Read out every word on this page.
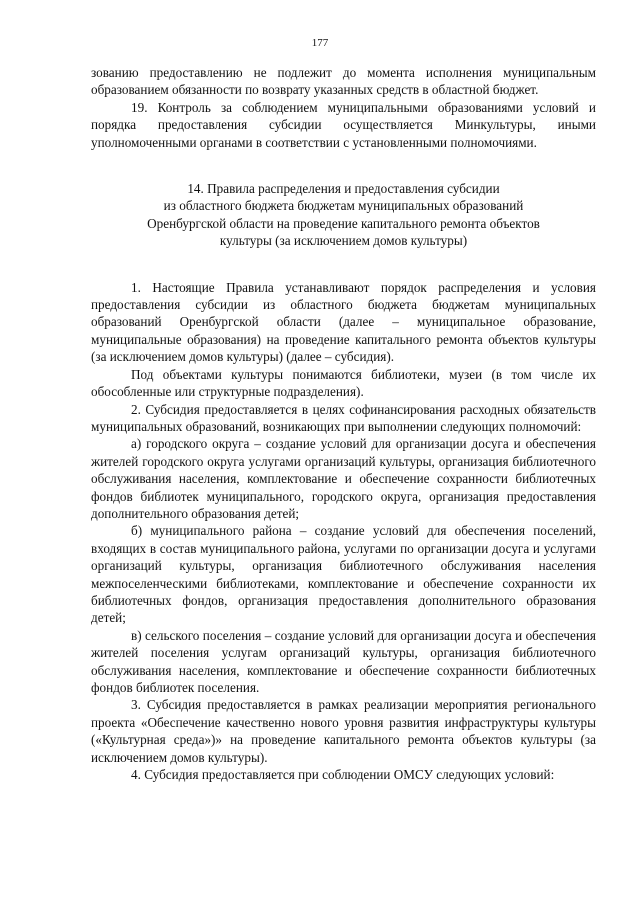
177

зованию предоставлению не подлежит до момента исполнения муниципальным образованием обязанности по возврату указанных средств в областной бюджет.

19. Контроль за соблюдением муниципальными образованиями условий и порядка предоставления субсидии осуществляется Минкультуры, иными уполномоченными органами в соответствии с установленными полномочиями.

14. Правила распределения и предоставления субсидии
из областного бюджета бюджетам муниципальных образований
Оренбургской области на проведение капитального ремонта объектов
культуры (за исключением домов культуры)

1. Настоящие Правила устанавливают порядок распределения и условия предоставления субсидии из областного бюджета бюджетам муниципальных образований Оренбургской области (далее – муниципальное образование, муниципальные образования) на проведение капитального ремонта объектов культуры (за исключением домов культуры) (далее – субсидия).

Под объектами культуры понимаются библиотеки, музеи (в том числе их обособленные или структурные подразделения).

2. Субсидия предоставляется в целях софинансирования расходных обязательств муниципальных образований, возникающих при выполнении следующих полномочий:

а) городского округа – создание условий для организации досуга и обеспечения жителей городского округа услугами организаций культуры, организация библиотечного обслуживания населения, комплектование и обеспечение сохранности библиотечных фондов библиотек муниципального, городского округа, организация предоставления дополнительного образования детей;

б) муниципального района – создание условий для обеспечения поселений, входящих в состав муниципального района, услугами по организации досуга и услугами организаций культуры, организация библиотечного обслуживания населения межпоселенческими библиотеками, комплектование и обеспечение сохранности их библиотечных фондов, организация предоставления дополнительного образования детей;

в) сельского поселения – создание условий для организации досуга и обеспечения жителей поселения услугам организаций культуры, организация библиотечного обслуживания населения, комплектование и обеспечение сохранности библиотечных фондов библиотек поселения.

3. Субсидия предоставляется в рамках реализации мероприятия регионального проекта «Обеспечение качественно нового уровня развития инфраструктуры культуры («Культурная среда»)» на проведение капитального ремонта объектов культуры (за исключением домов культуры).

4. Субсидия предоставляется при соблюдении ОМСУ следующих условий:
